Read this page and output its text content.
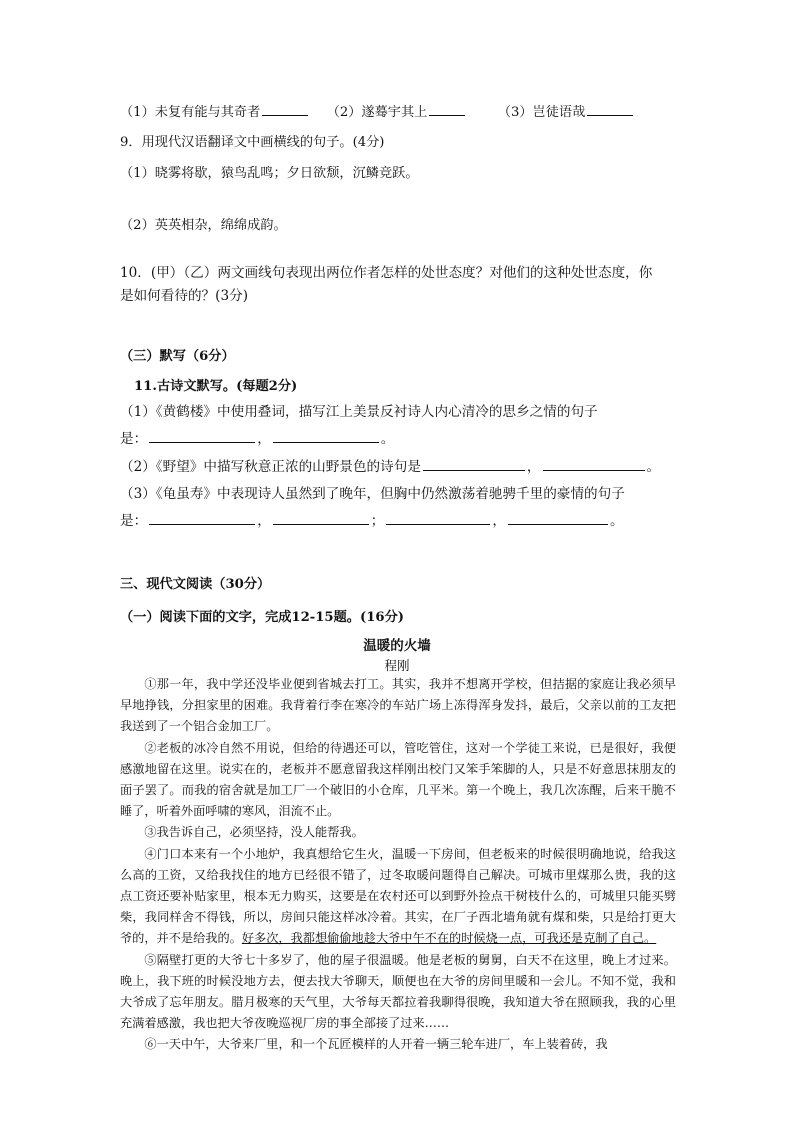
（1）未复有能与其奇者	（2）遂蓦宇其上	（3）岂徒语哉
9．用现代汉语翻译文中画横线的句子。(4分)
（1）晓雾将歇，猿鸟乱鸣；夕日欲颓，沉鳞竞跃。
（2）英英相杂，绵绵成韵。
10．(甲）（乙）两文画线句表现出两位作者怎样的处世态度？对他们的这种处世态度，你
是如何看待的？(3分)
（三）默写（6分）
11.古诗文默写。(每题2分)
（1）《黄鹤楼》中使用叠词，描写江上美景反衬诗人内心清冷的思乡之情的句子
是：	，	。
（2）《野望》中描写秋意正浓的山野景色的诗句是	，	。
（3）《龟虽寿》中表现诗人虽然到了晚年，但胸中仍然激荡着驰骋千里的豪情的句子
是：	，	；	，	。
三、现代文阅读（30分）
（一）阅读下面的文字，完成12-15题。(16分)
温暖的火墙
程刚

①那一年，我中学还没毕业便到省城去打工。其实，我并不想离开学校，但拮据的家庭让我必须早早地挣钱，分担家里的困难。我背着行李在寒冷的车站广场上冻得浑身发抖，最后，父亲以前的工友把我送到了一个铝合金加工厂。

②老板的冰冷自然不用说，但给的待遇还可以，管吃管住，这对一个学徒工来说，已是很好，我便感激地留在这里。说实在的，老板并不愿意留我这样刚出校门又笨手笨脚的人，只是不好意思抹朋友的面子罢了。而我的宿舍就是加工厂一个破旧的小仓库，几平米。第一个晚上，我几次冻醒，后来干脆不睡了，听着外面呼啸的寒风，泪流不止。

③我告诉自己，必须坚持，没人能帮我。

④门口本来有一个小地炉，我真想给它生火，温暖一下房间，但老板来的时候很明确地说，给我这么高的工资，又给我找住的地方已经很不错了，过冬取暖问题得自己解决。可城市里煤那么贵，我的这点工资还要补贴家里，根本无力购买，这要是在农村还可以到野外捡点干树枝什么的，可城里只能买劈柴，我同样舍不得钱，所以，房间只能这样冰冷着。其实，在厂子西北墙角就有煤和柴，只是给打更大爷的，并不是给我的。好多次，我都想偷偷地趁大爷中午不在的时候烧一点，可我还是克制了自己。

⑤隔壁打更的大爷七十多岁了，他的屋子很温暖。他是老板的舅舅，白天不在这里，晚上才过来。晚上，我下班的时候没地方去，便去找大爷聊天，顺便也在大爷的房间里暖和一会儿。不知不觉，我和大爷成了忘年朋友。腊月极寒的天气里，大爷每天都拉着我聊得很晚，我知道大爷在照顾我，我的心里充满着感激，我也把大爷夜晚巡视厂房的事全部接了过来……

⑥一天中午，大爷来厂里，和一个瓦匠模样的人开着一辆三轮车进厂，车上装着砖，我
